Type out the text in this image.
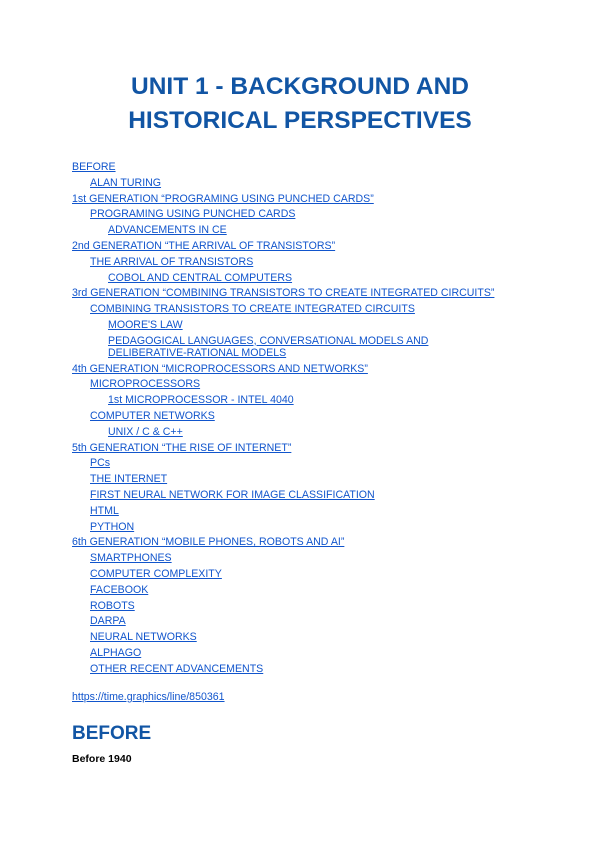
UNIT 1 - BACKGROUND AND
HISTORICAL PERSPECTIVES
BEFORE
ALAN TURING
1st GENERATION “PROGRAMING USING PUNCHED CARDS”
PROGRAMING USING PUNCHED CARDS
ADVANCEMENTS IN CE
2nd GENERATION “THE ARRIVAL OF TRANSISTORS”
THE ARRIVAL OF TRANSISTORS
COBOL AND CENTRAL COMPUTERS
3rd GENERATION “COMBINING TRANSISTORS TO CREATE INTEGRATED CIRCUITS”
COMBINING TRANSISTORS TO CREATE INTEGRATED CIRCUITS
MOORE'S LAW
PEDAGOGICAL LANGUAGES, CONVERSATIONAL MODELS AND DELIBERATIVE-RATIONAL MODELS
4th GENERATION “MICROPROCESSORS AND NETWORKS”
MICROPROCESSORS
1st MICROPROCESSOR - INTEL 4040
COMPUTER NETWORKS
UNIX / C & C++
5th GENERATION “THE RISE OF INTERNET”
PCs
THE INTERNET
FIRST NEURAL NETWORK FOR IMAGE CLASSIFICATION
HTML
PYTHON
6th GENERATION “MOBILE PHONES, ROBOTS AND AI”
SMARTPHONES
COMPUTER COMPLEXITY
FACEBOOK
ROBOTS
DARPA
NEURAL NETWORKS
ALPHAGO
OTHER RECENT ADVANCEMENTS
https://time.graphics/line/850361
BEFORE
Before 1940
